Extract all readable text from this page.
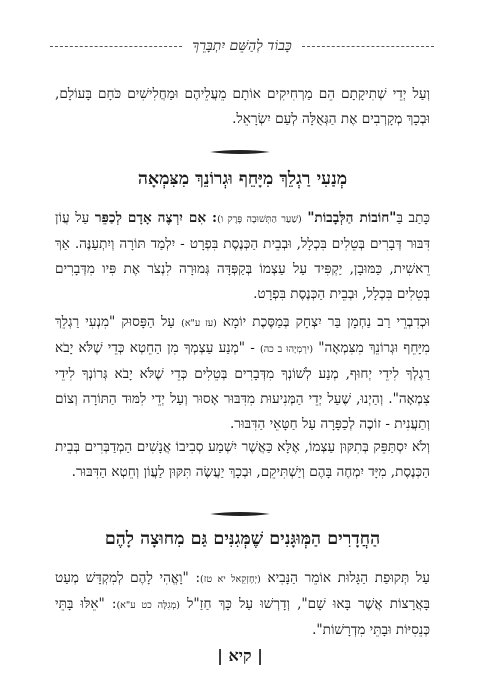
כָּבוֹד לְהַשֵּׁם יִתְבָּרֵךְ

וְעַל יְדֵי שְׁתִיקָתָם הֵם מַרְחִיקִים אוֹתָם מֵעֲלֵיהֶם וּמַחֲלִישִׁים כֹּחָם בָּעוֹלָם, וּבְכָךְ מְקָרְבִים אֶת הַגְּאֻלָּה לְעַם יִשְׂרָאֵל.

מְנַעִי רַגְלֵךְ מִיָּחֵף וּגְרוֹנֵךְ מִצִּמְאָה

כָּתַב בַּ"חוֹבוֹת הַלְּבָבוֹת" (שַׁעַר הַתְּשׁוּבָה פֶּרֶק ו): אִם יִרְצֶה אָדָם לְכַפֵּר עַל עֲוֹן דִּבּוּר דְּבָרִים בְּטֵלִים בִּכְלָל, וּבְבֵית הַכְּנֶסֶת בִּפְרָט - יִלְמַד תּוֹרָה וְיִתְעַנֶּה. אַךְ רֵאשִׁית, כַּמּוּבָן, יַקְפִּיד עַל עַצְמוֹ בְּקַפְּדָּה גְּמוּרָה לִנְצֹר אֶת פִּיו מִדְּבָרִים בְּטֵלִים בִּכְלָל, וּבְבֵית הַכְּנֶסֶת בִּפְרָט.

וּכְדִבְרֵי רַב נַחְמָן בַּר יִצְחָק בְּמַסֶּכֶת יוֹמָא (עז ע"א) עַל הַפָּסוּק "מִנְעִי רַגְלֵךְ מִיָּחֵף וּגְרוֹנֵךְ מִצִּמְאָה" (יִרְמְיָהוּ ב כה) - "מְנַע עַצְמְךָ מִן הַחֵטְא כְּדֵי שֶׁלֹּא יָבֹא רַגְלְךָ לִידֵי יְחוּף, מְנַע לְשׁוֹנְךָ מִדְּבָרִים בְּטֵלִים כְּדֵי שֶׁלֹּא יָבֹא גְּרוֹנְךָ לִידֵי צִמְאָה". וְהַיְנוּ, שֶׁעַל יְדֵי הַמְּנִיעוּת מִדִּבּוּר אָסוּר וְעַל יְדֵי לִמּוּד הַתּוֹרָה וְצוֹם וְתַעֲנִית - זוֹכֶה לְכַפָּרָה עַל חַטָּאֵי הַדִּבּוּר.

וְלֹא יִסְתַּפֵּק בְּתִקּוּן עַצְמוֹ, אֶלָּא כַּאֲשֶׁר יִשְׁמַע סְבִיבוֹ אֲנָשִׁים הַמְדַבְּרִים בְּבֵית הַכְּנֶסֶת, מִיָּד יִמְחֶה בָּהֶם וְיַשְׁתִּיקֵם, וּבְכָךְ יַעֲשֶׂה תִּקּוּן לַעֲוֹן וְחֵטְא הַדִּבּוּר.

הַחֲדָרִים הַמְּוּגָּנִים שֶׁמְּגִנִּים גַּם מִחוּצָה לָהֶם

עַל תְּקוּפַת הַגָּלוּת אוֹמֵר הַנָּבִיא (יְחֶזְקֵאל יא טז): "וָאֱהִי לָהֶם לְמִקְדָּשׁ מְעַט בָּאֲרָצוֹת אֲשֶׁר בָּאוּ שָׁם", וְדָרְשׁוּ עַל כָּךְ חַזַ"ל (מְגִלָּה כט ע"א): "אֵלּוּ בָּתֵּי כְּנֵסִיּוֹת וּבָתֵּי מִדְרָשׁוֹת".

| קיא |
